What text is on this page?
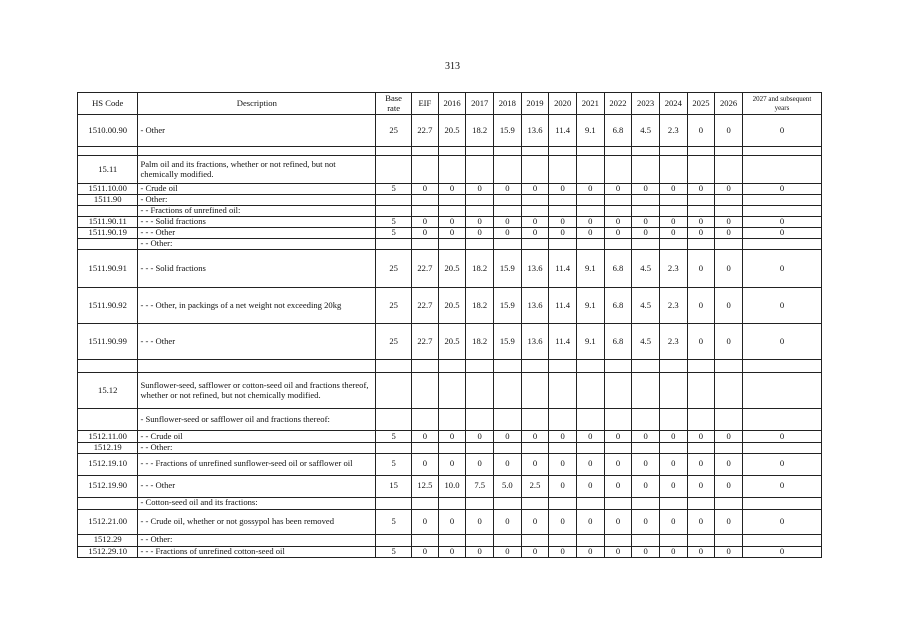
313
HS Code	Description	Base rate	EIF	2016	2017	2018	2019	2020	2021	2022	2023	2024	2025	2026	2027 and subsequent years
1510.00.90	- Other	25	22.7	20.5	18.2	15.9	13.6	11.4	9.1	6.8	4.5	2.3	0	0	0

15.11	Palm oil and its fractions, whether or not refined, but not chemically modified.														
1511.10.00	- Crude oil	5	0	0	0	0	0	0	0	0	0	0	0	0	0
1511.90	- Other:														
	- - Fractions of unrefined oil:														
1511.90.11	- - - Solid fractions	5	0	0	0	0	0	0	0	0	0	0	0	0	0
1511.90.19	- - - Other	5	0	0	0	0	0	0	0	0	0	0	0	0	0
	- - Other:														
1511.90.91	- - - Solid fractions	25	22.7	20.5	18.2	15.9	13.6	11.4	9.1	6.8	4.5	2.3	0	0	0
1511.90.92	- - - Other, in packings of a net weight not exceeding 20kg	25	22.7	20.5	18.2	15.9	13.6	11.4	9.1	6.8	4.5	2.3	0	0	0
1511.90.99	- - - Other	25	22.7	20.5	18.2	15.9	13.6	11.4	9.1	6.8	4.5	2.3	0	0	0

15.12	Sunflower-seed, safflower or cotton-seed oil and fractions thereof, whether or not refined, but not chemically modified.														
	- Sunflower-seed or safflower oil and fractions thereof:														
1512.11.00	- - Crude oil	5	0	0	0	0	0	0	0	0	0	0	0	0	0
1512.19	- - Other:														
1512.19.10	- - - Fractions of unrefined sunflower-seed oil or safflower oil	5	0	0	0	0	0	0	0	0	0	0	0	0	0
1512.19.90	- - - Other	15	12.5	10.0	7.5	5.0	2.5	0	0	0	0	0	0	0	0
	- Cotton-seed oil and its fractions:														
1512.21.00	- - Crude oil, whether or not gossypol has been removed	5	0	0	0	0	0	0	0	0	0	0	0	0	0
1512.29	- - Other:														
1512.29.10	- - - Fractions of unrefined cotton-seed oil	5	0	0	0	0	0	0	0	0	0	0	0	0	0
